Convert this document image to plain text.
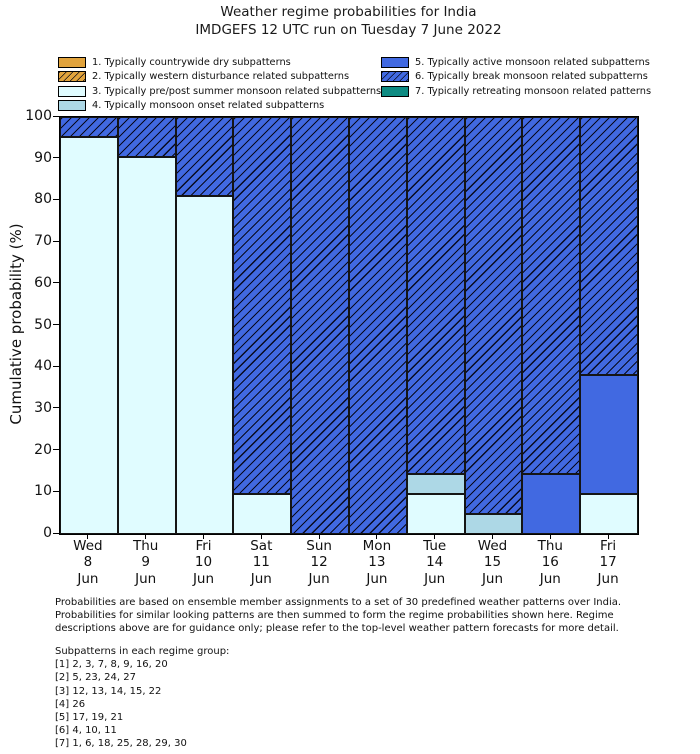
Weather regime probabilities for India
IMDGEFS 12 UTC run on Tuesday 7 June 2022
1. Typically countrywide dry subpatterns
2. Typically western disturbance related subpatterns
3. Typically pre/post summer monsoon related subpatterns
4. Typically monsoon onset related subpatterns
5. Typically active monsoon related subpatterns
6. Typically break monsoon related subpatterns
7. Typically retreating monsoon related patterns
Cumulative probability (%)
0
10
20
30
40
50
60
70
80
90
100
Wed
8
Jun
Thu
9
Jun
Fri
10
Jun
Sat
11
Jun
Sun
12
Jun
Mon
13
Jun
Tue
14
Jun
Wed
15
Jun
Thu
16
Jun
Fri
17
Jun
Probabilities are based on ensemble member assignments to a set of 30 predefined weather patterns over India.
Probabilities for similar looking patterns are then summed to form the regime probabilities shown here. Regime
descriptions above are for guidance only; please refer to the top-level weather pattern forecasts for more detail.
Subpatterns in each regime group:
[1] 2, 3, 7, 8, 9, 16, 20
[2] 5, 23, 24, 27
[3] 12, 13, 14, 15, 22
[4] 26
[5] 17, 19, 21
[6] 4, 10, 11
[7] 1, 6, 18, 25, 28, 29, 30
